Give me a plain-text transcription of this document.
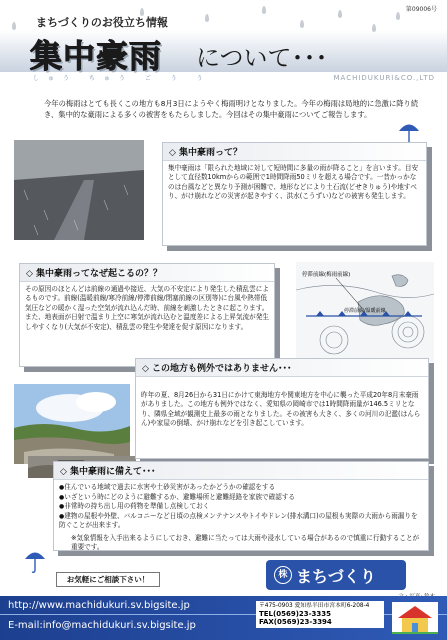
まちづくりのお役立ち情報
第09006号
集中豪雨 について･･･
しゅう ちゅう ご う う	MACHIDUKURI&CO.,LTD

今年の梅雨はとても長くこの地方も8月3日にようやく梅雨明けとなりました。今年の梅雨は局地的に急激に降り続き、集中的な豪雨による多くの被害をもたらしました。今回はその集中豪雨についてご報告します。

◇ 集中豪雨って？
集中豪雨は「限られた地域に対して短時間に多量の雨が降ること」を言います。目安として直径数10kmからの範囲で1時間降雨50ミリを超える場合です。一昔かっかなのは台風などと異なり予測が困難で、地形などにより土石流(どせきりゅう)や地すべり、がけ崩れなどの災害が起きやすく、洪水(こうずい)などの被害も発生します。
◇ 集中豪雨ってなぜ起こるの？？
その原因のほとんどは前線の通過や接近、大気の不安定により発生した積乱雲によるものです。前線(温暖前線/寒冷前線/停滞前線/閉塞前線の区別等)に台風や熱帯低気圧などの暖かく湿った空気が流れ込んだ時、前線を刺激したときに起こります。また、地表面が日射で温まり上空に寒気が流れ込むと温度差による上昇気流が発生しやすくなり(大気が不安定)、積乱雲の発生や発達を促す原因になります。
停滞前線(梅雨前線)
停滞前線/温暖前線
◇ この地方も例外ではありません･･･
昨年の夏、8月26日から31日にかけて東海地方や関東地方を中心に襲った平成20年8月末豪雨がありました。この地方も例外ではなく、愛知県の岡崎市では1時間降雨量が146.5ミリとなり、隣県全域が観測史上最多の雨となりました。その被害も大きく、多くの河川の氾濫(はんらん)や家屋の倒壊、がけ崩れなどを引き起こしています。
◇ 集中豪雨に備えて･･･
● 住んでいる地域で過去に水害や土砂災害があったかどうかの確認をする
● いざという時にどのように避難するか、避難場所と避難経路を家族で確認する
● 非常時の持ち出し用の荷物を準備し点検しておく
● 建物の屋根や外壁、バルコニーなど日頃の点検メンテナンスやトイやドレン(排水溝口)の屋根も実際の大雨から雨漏りを防ぐことが出来ます。

※気象情報を入手出来るようにしておき、避難に当たっては大雨や浸水している場合があるので慎重に行動することが重要です。

お気軽にご相談下さい！	株 まちづくり
http://www.machidukuri.sv.bigsite.jp
E-mail:info@machidukuri.sv.bigsite.jp
〒475-0903 愛知県半田市宮本町6-208-4
TEL(0569)23-3335
FAX(0569)23-3394
